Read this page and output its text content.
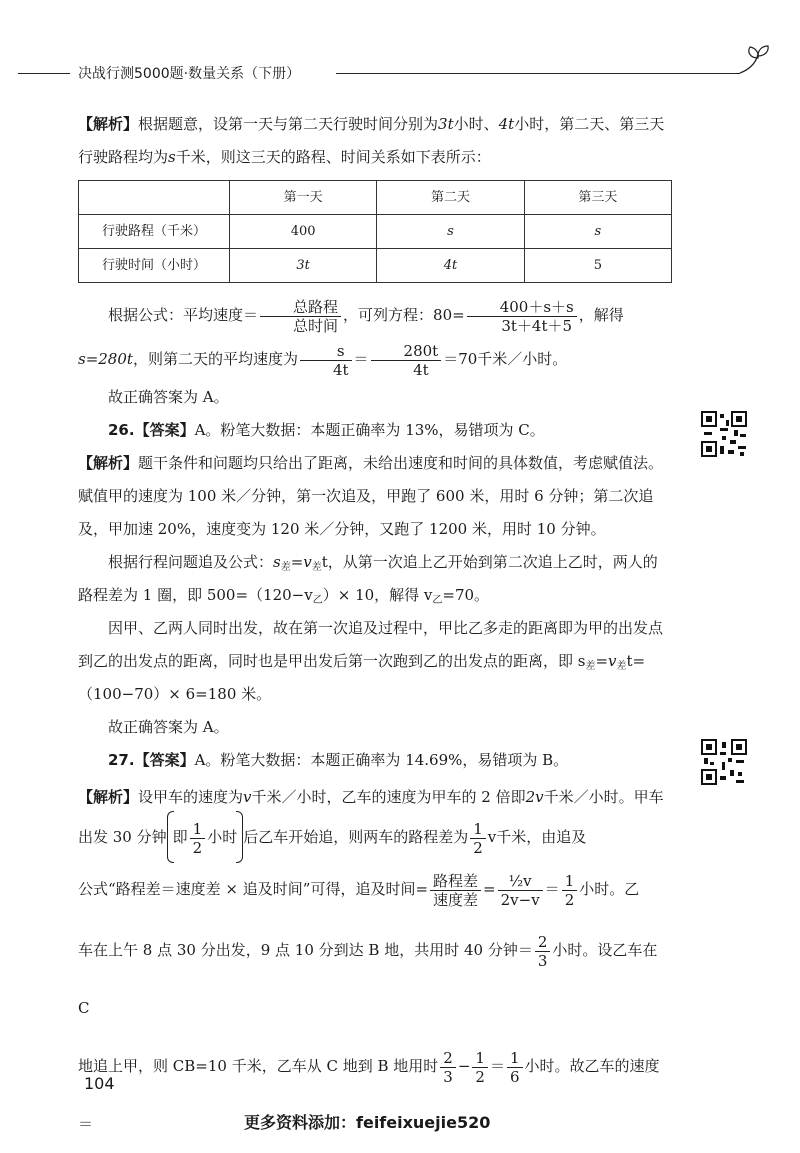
决战行测5000题·数量关系（下册）

【解析】根据题意，设第一天与第二天行驶时间分别为3t小时、4t小时，第二天、第三天行驶路程均为s千米，则这三天的路程、时间关系如下表所示：

	第一天	第二天	第三天
行驶路程（千米）	400	s	s
行驶时间（小时）	3t	4t	5

根据公式：平均速度＝ $\frac{\text{总路程}}{\text{总时间}}$ ，可列方程：$80= \frac{400+s+s}{3t+4t+5}$ ，解得s=280t，则第二天的平均速度为 $\frac{s}{4t} = \frac{280t}{4t} =70$千米／小时。

故正确答案为 A。

26.【答案】A。粉笔大数据：本题正确率为 13%，易错项为 C。

【解析】题干条件和问题均只给出了距离，未给出速度和时间的具体数值，考虑赋值法。赋值甲的速度为 100 米／分钟，第一次追及，甲跑了 600 米，用时 6 分钟；第二次追及，甲加速 20%，速度变为 120 米／分钟，又跑了 1200 米，用时 10 分钟。

根据行程问题追及公式：$s_差=v_差t$，从第一次追上乙开始到第二次追上乙时，两人的路程差为 1 圈，即 $500=(120-v_乙)\times 10$，解得 $v_乙=70$。

因甲、乙两人同时出发，故在第一次追及过程中，甲比乙多走的距离即为甲的出发点到乙的出发点的距离，同时也是甲出发后第一次跑到乙的出发点的距离，即 $s_差=v_差t=(100-70)\times 6=180$ 米。

故正确答案为 A。

27.【答案】A。粉笔大数据：本题正确率为 14.69%，易错项为 B。

【解析】设甲车的速度为v千米／小时，乙车的速度为甲车的 2 倍即2v千米／小时。甲车出发 30 分钟 即 $\frac{1}{2}$ 小时 后乙车开始追，则两车的路程差为 $\frac{1}{2}$ v千米，由追及

公式“路程差＝速度差 × 追及时间”可得，追及时间= $\frac{\text{路程差}}{\text{速度差}} = \frac{\text{½v}}{2v-v} = \frac{1}{2}$ 小时。乙

车在上午 8 点 30 分出发，9 点 10 分到达 B 地，共用时 40 分钟＝ $\frac{2}{3}$ 小时。设乙车在 C

地追上甲，则 CB=10 千米，乙车从 C 地到 B 地用时 $\frac{2}{3} - \frac{1}{2} = \frac{1}{6}$ 小时。故乙车的速度＝

104
更多资料添加：feifeixuejie520
